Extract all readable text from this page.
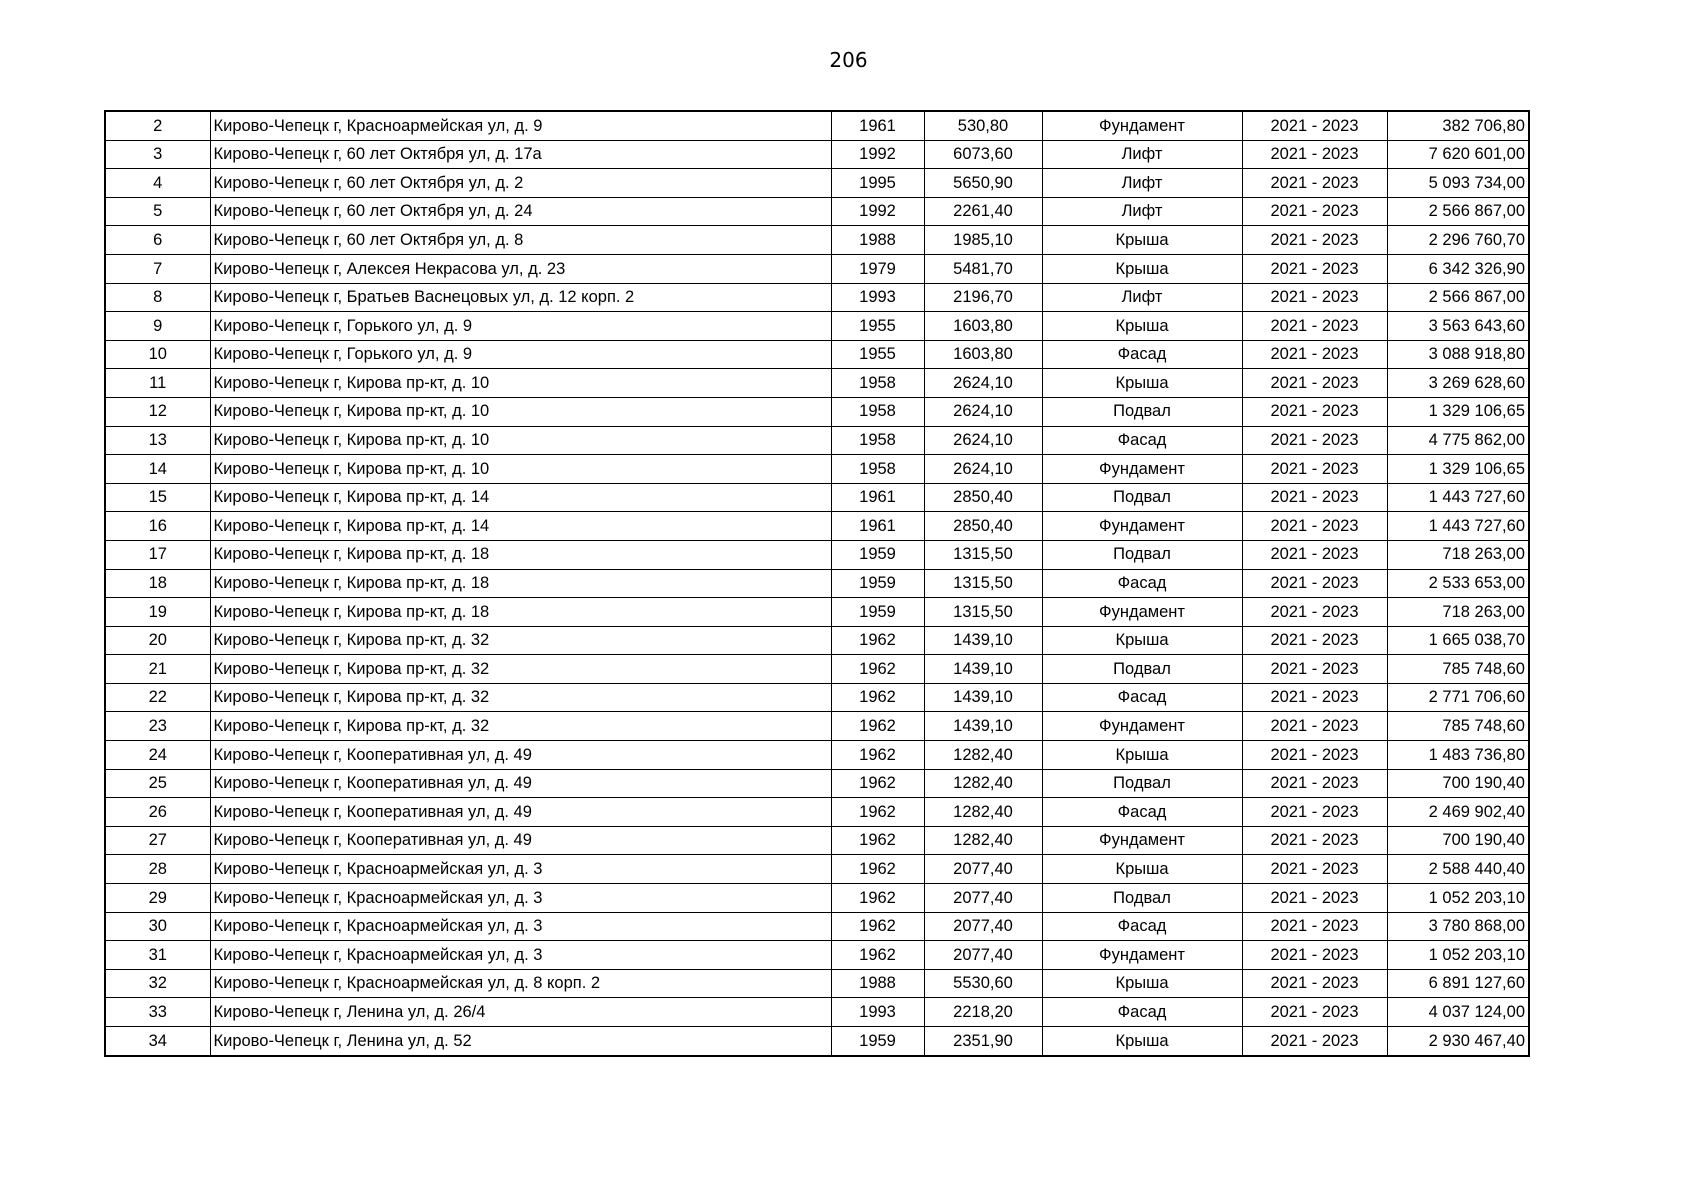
206
2	Кирово-Чепецк г, Красноармейская ул, д. 9	1961	530,80	Фундамент	2021 - 2023	382 706,80
3	Кирово-Чепецк г, 60 лет Октября ул, д. 17а	1992	6073,60	Лифт	2021 - 2023	7 620 601,00
4	Кирово-Чепецк г, 60 лет Октября ул, д. 2	1995	5650,90	Лифт	2021 - 2023	5 093 734,00
5	Кирово-Чепецк г, 60 лет Октября ул, д. 24	1992	2261,40	Лифт	2021 - 2023	2 566 867,00
6	Кирово-Чепецк г, 60 лет Октября ул, д. 8	1988	1985,10	Крыша	2021 - 2023	2 296 760,70
7	Кирово-Чепецк г, Алексея Некрасова ул, д. 23	1979	5481,70	Крыша	2021 - 2023	6 342 326,90
8	Кирово-Чепецк г, Братьев Васнецовых ул, д. 12 корп. 2	1993	2196,70	Лифт	2021 - 2023	2 566 867,00
9	Кирово-Чепецк г, Горького ул, д. 9	1955	1603,80	Крыша	2021 - 2023	3 563 643,60
10	Кирово-Чепецк г, Горького ул, д. 9	1955	1603,80	Фасад	2021 - 2023	3 088 918,80
11	Кирово-Чепецк г, Кирова пр-кт, д. 10	1958	2624,10	Крыша	2021 - 2023	3 269 628,60
12	Кирово-Чепецк г, Кирова пр-кт, д. 10	1958	2624,10	Подвал	2021 - 2023	1 329 106,65
13	Кирово-Чепецк г, Кирова пр-кт, д. 10	1958	2624,10	Фасад	2021 - 2023	4 775 862,00
14	Кирово-Чепецк г, Кирова пр-кт, д. 10	1958	2624,10	Фундамент	2021 - 2023	1 329 106,65
15	Кирово-Чепецк г, Кирова пр-кт, д. 14	1961	2850,40	Подвал	2021 - 2023	1 443 727,60
16	Кирово-Чепецк г, Кирова пр-кт, д. 14	1961	2850,40	Фундамент	2021 - 2023	1 443 727,60
17	Кирово-Чепецк г, Кирова пр-кт, д. 18	1959	1315,50	Подвал	2021 - 2023	718 263,00
18	Кирово-Чепецк г, Кирова пр-кт, д. 18	1959	1315,50	Фасад	2021 - 2023	2 533 653,00
19	Кирово-Чепецк г, Кирова пр-кт, д. 18	1959	1315,50	Фундамент	2021 - 2023	718 263,00
20	Кирово-Чепецк г, Кирова пр-кт, д. 32	1962	1439,10	Крыша	2021 - 2023	1 665 038,70
21	Кирово-Чепецк г, Кирова пр-кт, д. 32	1962	1439,10	Подвал	2021 - 2023	785 748,60
22	Кирово-Чепецк г, Кирова пр-кт, д. 32	1962	1439,10	Фасад	2021 - 2023	2 771 706,60
23	Кирово-Чепецк г, Кирова пр-кт, д. 32	1962	1439,10	Фундамент	2021 - 2023	785 748,60
24	Кирово-Чепецк г, Кооперативная ул, д. 49	1962	1282,40	Крыша	2021 - 2023	1 483 736,80
25	Кирово-Чепецк г, Кооперативная ул, д. 49	1962	1282,40	Подвал	2021 - 2023	700 190,40
26	Кирово-Чепецк г, Кооперативная ул, д. 49	1962	1282,40	Фасад	2021 - 2023	2 469 902,40
27	Кирово-Чепецк г, Кооперативная ул, д. 49	1962	1282,40	Фундамент	2021 - 2023	700 190,40
28	Кирово-Чепецк г, Красноармейская ул, д. 3	1962	2077,40	Крыша	2021 - 2023	2 588 440,40
29	Кирово-Чепецк г, Красноармейская ул, д. 3	1962	2077,40	Подвал	2021 - 2023	1 052 203,10
30	Кирово-Чепецк г, Красноармейская ул, д. 3	1962	2077,40	Фасад	2021 - 2023	3 780 868,00
31	Кирово-Чепецк г, Красноармейская ул, д. 3	1962	2077,40	Фундамент	2021 - 2023	1 052 203,10
32	Кирово-Чепецк г, Красноармейская ул, д. 8 корп. 2	1988	5530,60	Крыша	2021 - 2023	6 891 127,60
33	Кирово-Чепецк г, Ленина ул, д. 26/4	1993	2218,20	Фасад	2021 - 2023	4 037 124,00
34	Кирово-Чепецк г, Ленина ул, д. 52	1959	2351,90	Крыша	2021 - 2023	2 930 467,40
